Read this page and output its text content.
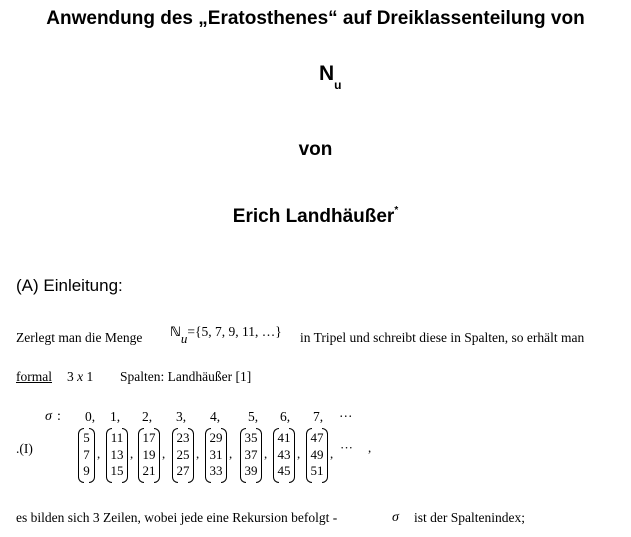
Anwendung des „Eratosthenes“ auf Dreiklassenteilung von
$N_u$
von
Erich Landhäußer*
(A) Einleitung:
Zerlegt man die Menge ℕu={5, 7, 9, 11, …} in Tripel und schreibt diese in Spalten, so erhält man
formal 3 x 1 Spalten: Landhäußer [1]
σ :
.(I)
0, 1, 2, 3, 4, 5, 6, 7, ···
5
7
9
,
11
13
15
,
17
19
21
,
23
25
27
,
29
31
33
,
35
37
39
,
41
43
45
,
47
49
51
, ··· ,
es bilden sich 3 Zeilen, wobei jede eine Rekursion befolgt -	σ ist der Spaltenindex;
